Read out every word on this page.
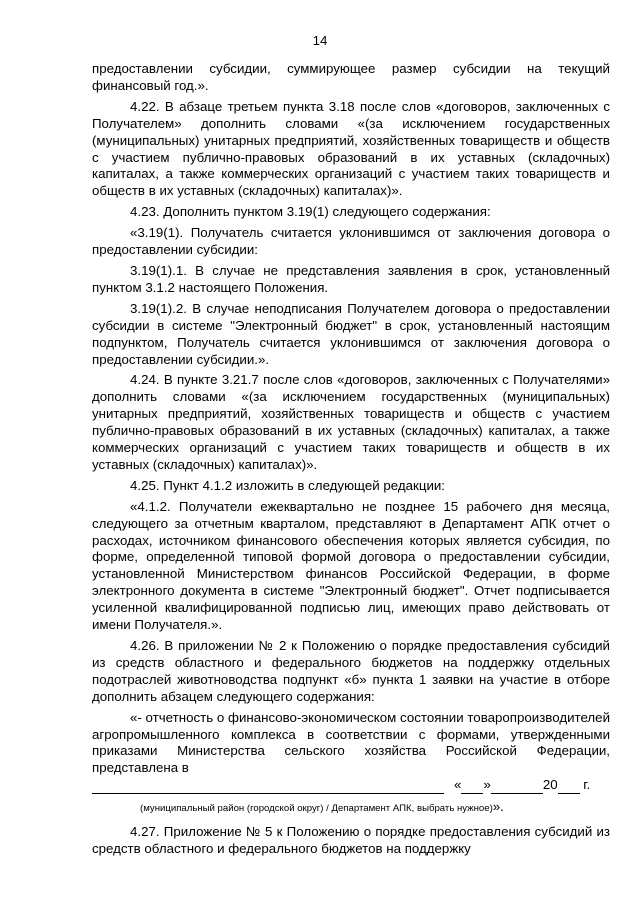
14

предоставлении субсидии, суммирующее размер субсидии на текущий финансовый год.».

4.22. В абзаце третьем пункта 3.18 после слов «договоров, заключенных с Получателем» дополнить словами «(за исключением государственных (муниципальных) унитарных предприятий, хозяйственных товариществ и обществ с участием публично-правовых образований в их уставных (складочных) капиталах, а также коммерческих организаций с участием таких товариществ и обществ в их уставных (складочных) капиталах)».

4.23. Дополнить пунктом 3.19(1) следующего содержания:

«3.19(1). Получатель считается уклонившимся от заключения договора о предоставлении субсидии:

3.19(1).1. В случае не представления заявления в срок, установленный пунктом 3.1.2 настоящего Положения.

3.19(1).2. В случае неподписания Получателем договора о предоставлении субсидии в системе "Электронный бюджет" в срок, установленный настоящим подпунктом, Получатель считается уклонившимся от заключения договора о предоставлении субсидии.».

4.24. В пункте 3.21.7 после слов «договоров, заключенных с Получателями» дополнить словами «(за исключением государственных (муниципальных) унитарных предприятий, хозяйственных товариществ и обществ с участием публично-правовых образований в их уставных (складочных) капиталах, а также коммерческих организаций с участием таких товариществ и обществ в их уставных (складочных) капиталах)».

4.25. Пункт 4.1.2 изложить в следующей редакции:

«4.1.2. Получатели ежеквартально не позднее 15 рабочего дня месяца, следующего за отчетным кварталом, представляют в Департамент АПК отчет о расходах, источником финансового обеспечения которых является субсидия, по форме, определенной типовой формой договора о предоставлении субсидии, установленной Министерством финансов Российской Федерации, в форме электронного документа в системе "Электронный бюджет". Отчет подписывается усиленной квалифицированной подписью лиц, имеющих право действовать от имени Получателя.».

4.26. В приложении № 2 к Положению о порядке предоставления субсидий из средств областного и федерального бюджетов на поддержку отдельных подотраслей животноводства подпункт «б» пункта 1 заявки на участие в отборе дополнить абзацем следующего содержания:

«- отчетность о финансово-экономическом состоянии товаропроизводителей агропромышленного комплекса в соответствии с формами, утвержденными приказами Министерства сельского хозяйства Российской Федерации, представлена в

« »	20 г.
(муниципальный район (городской округ) / Департамент АПК, выбрать нужное)».

4.27. Приложение № 5 к Положению о порядке предоставления субсидий из средств областного и федерального бюджетов на поддержку
